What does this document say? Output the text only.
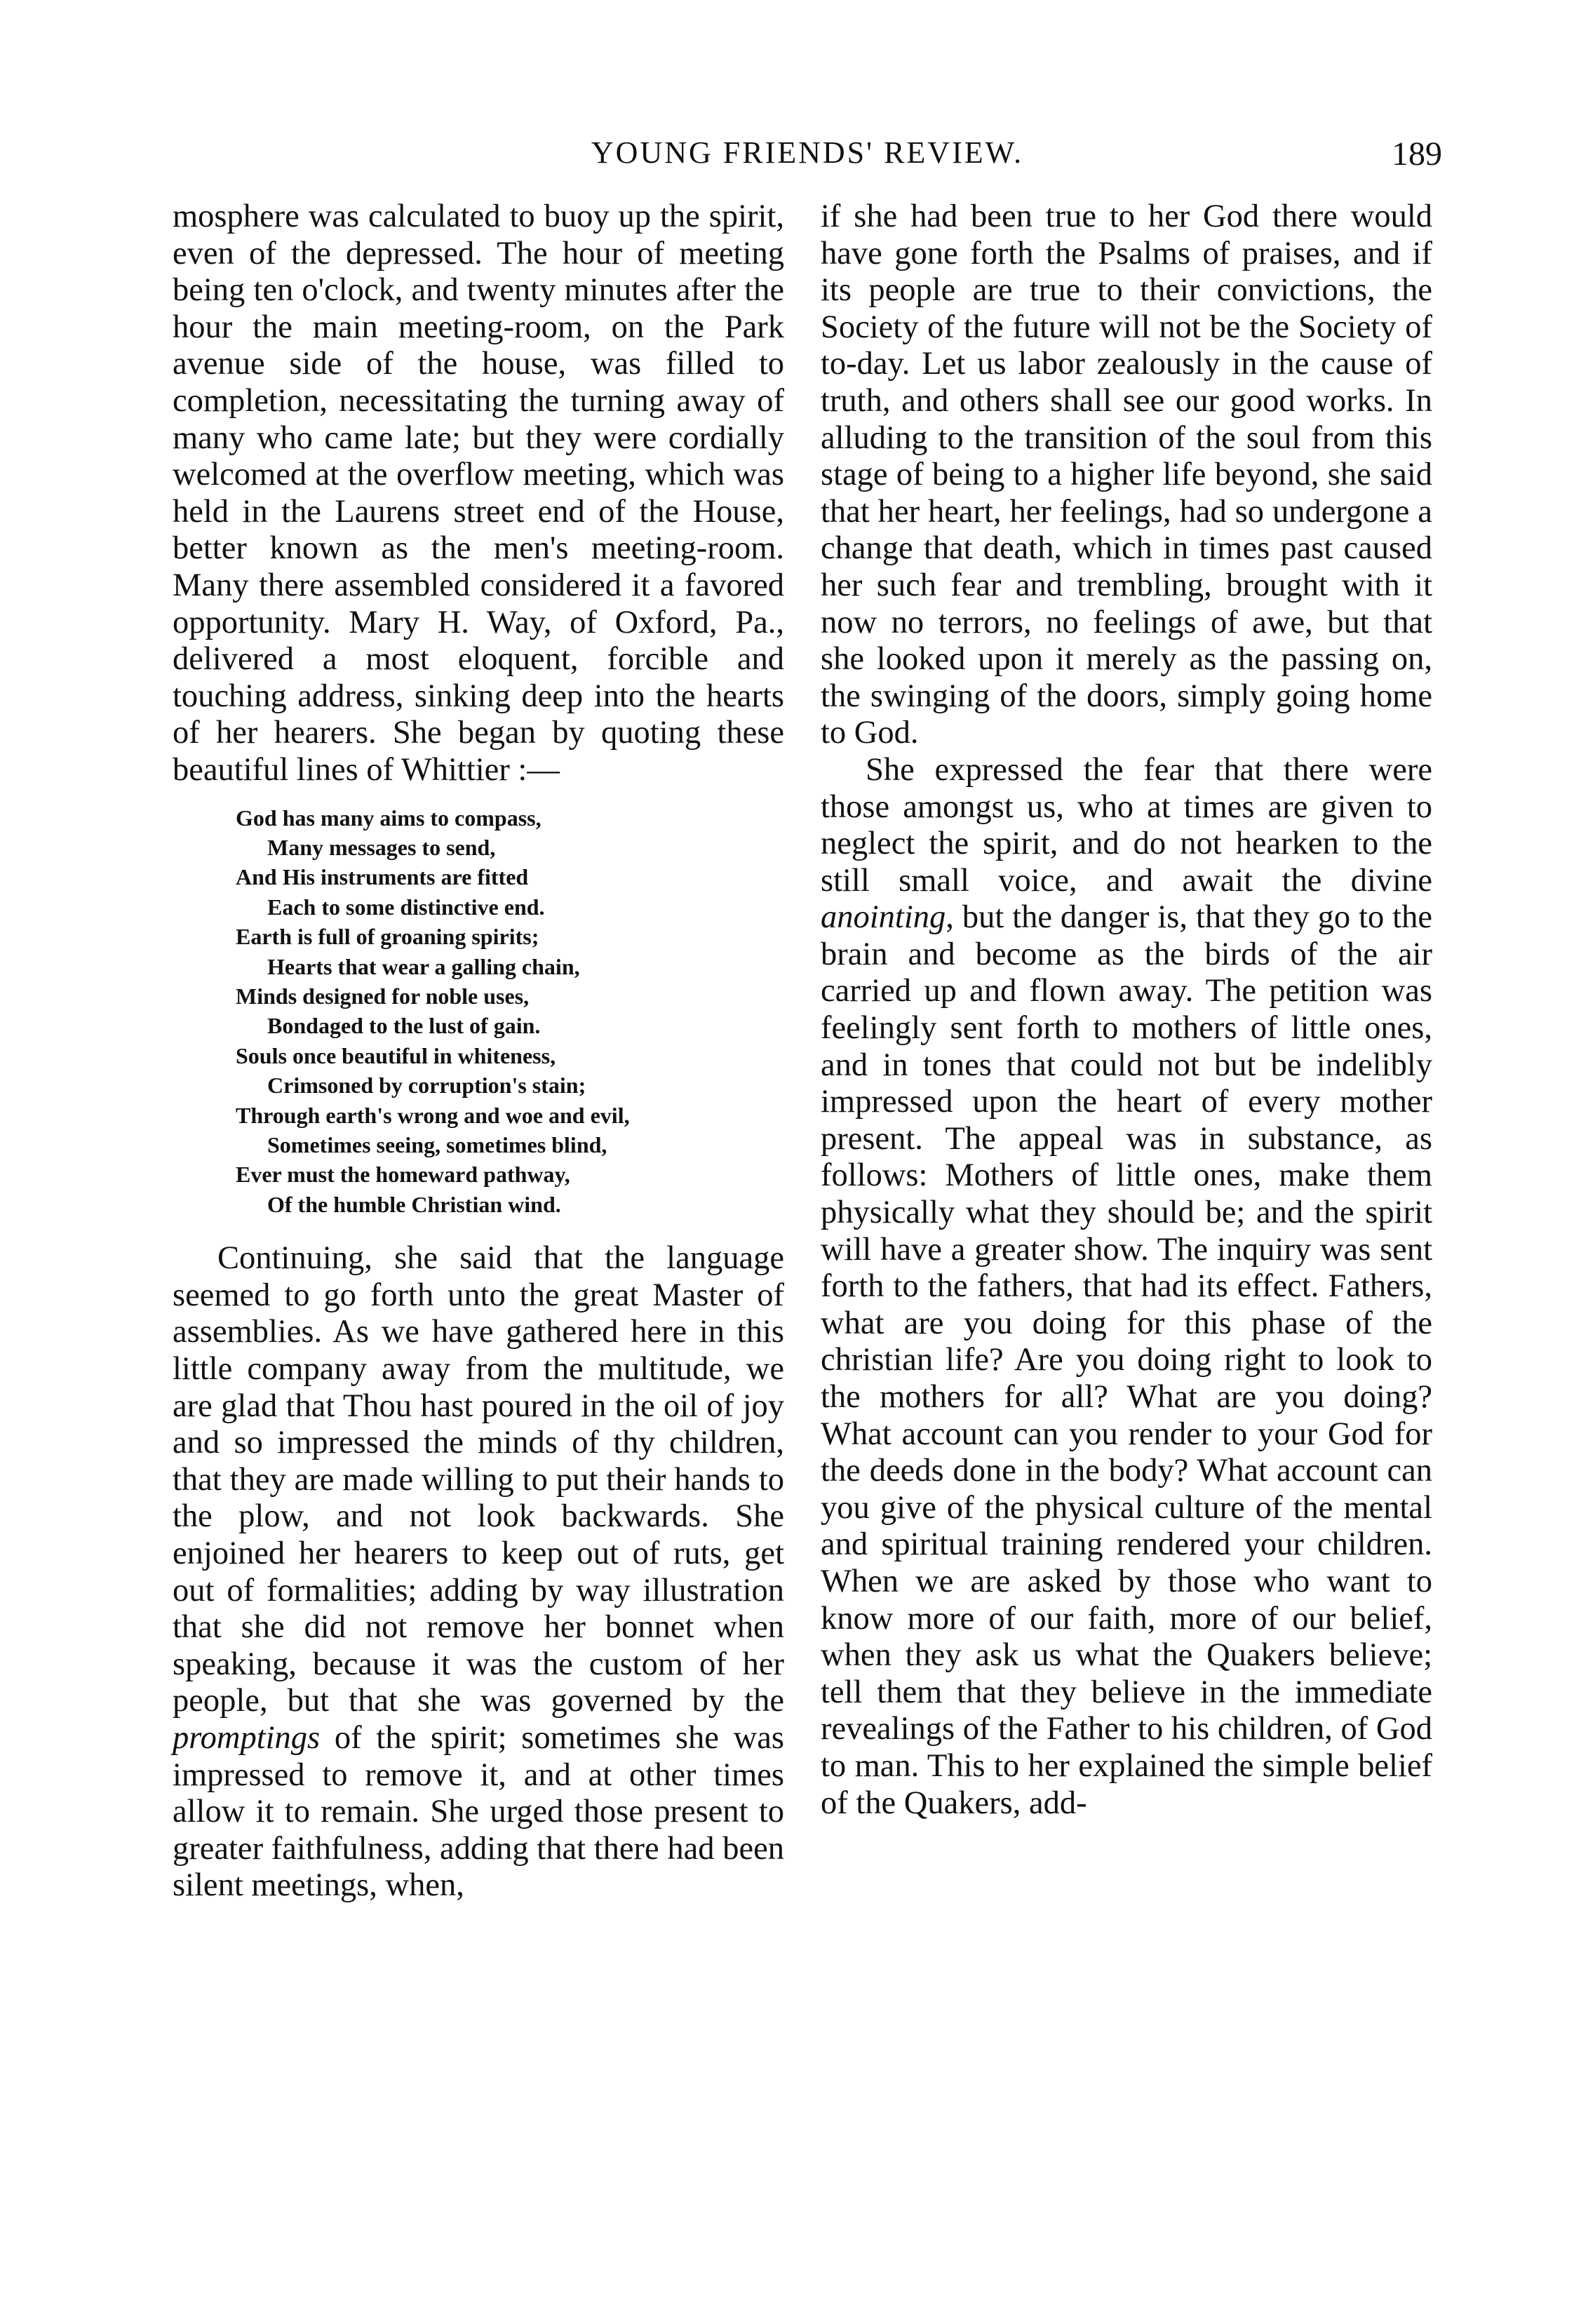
YOUNG FRIENDS' REVIEW.	189

mosphere was calculated to buoy up the spirit, even of the depressed. The hour of meeting being ten o'clock, and twenty minutes after the hour the main meeting-room, on the Park avenue side of the house, was filled to completion, necessitating the turning away of many who came late; but they were cordially welcomed at the overflow meeting, which was held in the Laurens street end of the House, better known as the men's meeting-room. Many there assembled considered it a favored opportunity. Mary H. Way, of Oxford, Pa., delivered a most eloquent, forcible and touching address, sinking deep into the hearts of her hearers. She began by quoting these beautiful lines of Whittier :—

God has many aims to compass,
Many messages to send,
And His instruments are fitted
Each to some distinctive end.
Earth is full of groaning spirits;
Hearts that wear a galling chain,
Minds designed for noble uses,
Bondaged to the lust of gain.
Souls once beautiful in whiteness,
Crimsoned by corruption's stain;
Through earth's wrong and woe and evil,
Sometimes seeing, sometimes blind,
Ever must the homeward pathway,
Of the humble Christian wind.

Continuing, she said that the language seemed to go forth unto the great Master of assemblies. As we have gathered here in this little company away from the multitude, we are glad that Thou hast poured in the oil of joy and so impressed the minds of thy children, that they are made willing to put their hands to the plow, and not look backwards. She enjoined her hearers to keep out of ruts, get out of formalities; adding by way illustration that she did not remove her bonnet when speaking, because it was the custom of her people, but that she was governed by the promptings of the spirit; sometimes she was impressed to remove it, and at other times allow it to remain. She urged those present to greater faithfulness, adding that there had been silent meetings, when,

if she had been true to her God there would have gone forth the Psalms of praises, and if its people are true to their convictions, the Society of the future will not be the Society of to-day. Let us labor zealously in the cause of truth, and others shall see our good works. In alluding to the transition of the soul from this stage of being to a higher life beyond, she said that her heart, her feelings, had so undergone a change that death, which in times past caused her such fear and trembling, brought with it now no terrors, no feelings of awe, but that she looked upon it merely as the passing on, the swinging of the doors, simply going home to God.

She expressed the fear that there were those amongst us, who at times are given to neglect the spirit, and do not hearken to the still small voice, and await the divine anointing, but the danger is, that they go to the brain and become as the birds of the air carried up and flown away. The petition was feelingly sent forth to mothers of little ones, and in tones that could not but be indelibly impressed upon the heart of every mother present. The appeal was in substance, as follows: Mothers of little ones, make them physically what they should be; and the spirit will have a greater show. The inquiry was sent forth to the fathers, that had its effect. Fathers, what are you doing for this phase of the christian life? Are you doing right to look to the mothers for all? What are you doing? What account can you render to your God for the deeds done in the body? What account can you give of the physical culture of the mental and spiritual training rendered your children. When we are asked by those who want to know more of our faith, more of our belief, when they ask us what the Quakers believe; tell them that they believe in the immediate revealings of the Father to his children, of God to man. This to her explained the simple belief of the Quakers, add-
